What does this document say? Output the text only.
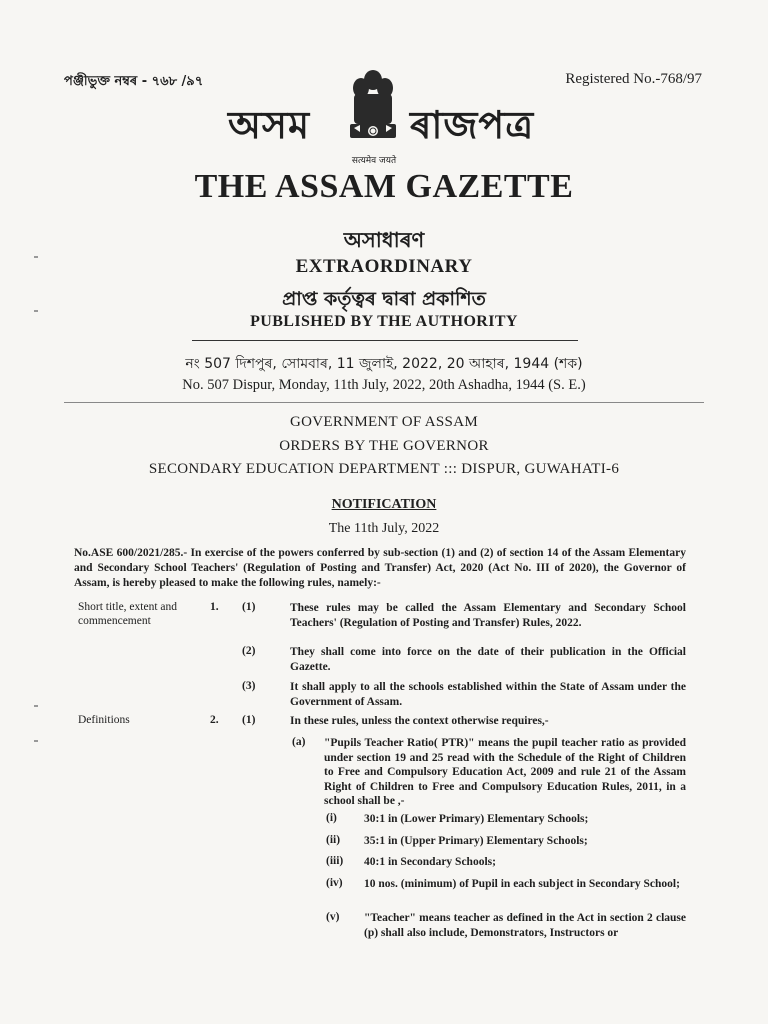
পঞ্জীভুক্ত নম্বৰ - ৭৬৮ /৯৭	Registered No.-768/97
অসম
सत्यमेव जयते
ৰাজপত্ৰ
THE ASSAM GAZETTE
অসাধাৰণ
EXTRAORDINARY
প্ৰাপ্ত কৰ্তৃত্বৰ দ্বাৰা প্ৰকাশিত
PUBLISHED BY THE AUTHORITY
নং 507 দিশপুৰ, সোমবাৰ, 11 জুলাই, 2022, 20 আহাৰ, 1944 (শক)
No. 507 Dispur, Monday, 11th July, 2022, 20th Ashadha, 1944 (S. E.)
GOVERNMENT OF ASSAM
ORDERS BY THE GOVERNOR
SECONDARY EDUCATION DEPARTMENT ::: DISPUR, GUWAHATI-6
NOTIFICATION
The 11th July, 2022
No.ASE 600/2021/285.- In exercise of the powers conferred by sub-section (1) and (2) of section 14 of the Assam Elementary and Secondary School Teachers' (Regulation of Posting and Transfer) Act, 2020 (Act No. III of 2020), the Governor of Assam, is hereby pleased to make the following rules, namely:-
Short title, extent and commencement
1. (1)	These rules may be called the Assam Elementary and Secondary School Teachers' (Regulation of Posting and Transfer) Rules, 2022.
(2)	They shall come into force on the date of their publication in the Official Gazette.
(3)	It shall apply to all the schools established within the State of Assam under the Government of Assam.
Definitions	2. (1)	In these rules, unless the context otherwise requires,-
(a) "Pupils Teacher Ratio( PTR)" means the pupil teacher ratio as provided under section 19 and 25 read with the Schedule of the Right of Children to Free and Compulsory Education Act, 2009 and rule 21 of the Assam Right of Children to Free and Compulsory Education Rules, 2011, in a school shall be ,-
(i) 30:1 in (Lower Primary) Elementary Schools;
(ii) 35:1 in (Upper Primary) Elementary Schools;
(iii) 40:1 in Secondary Schools;
(iv) 10 nos. (minimum) of Pupil in each subject in Secondary School;
(v) "Teacher" means teacher as defined in the Act in section 2 clause (p) shall also include, Demonstrators, Instructors or
